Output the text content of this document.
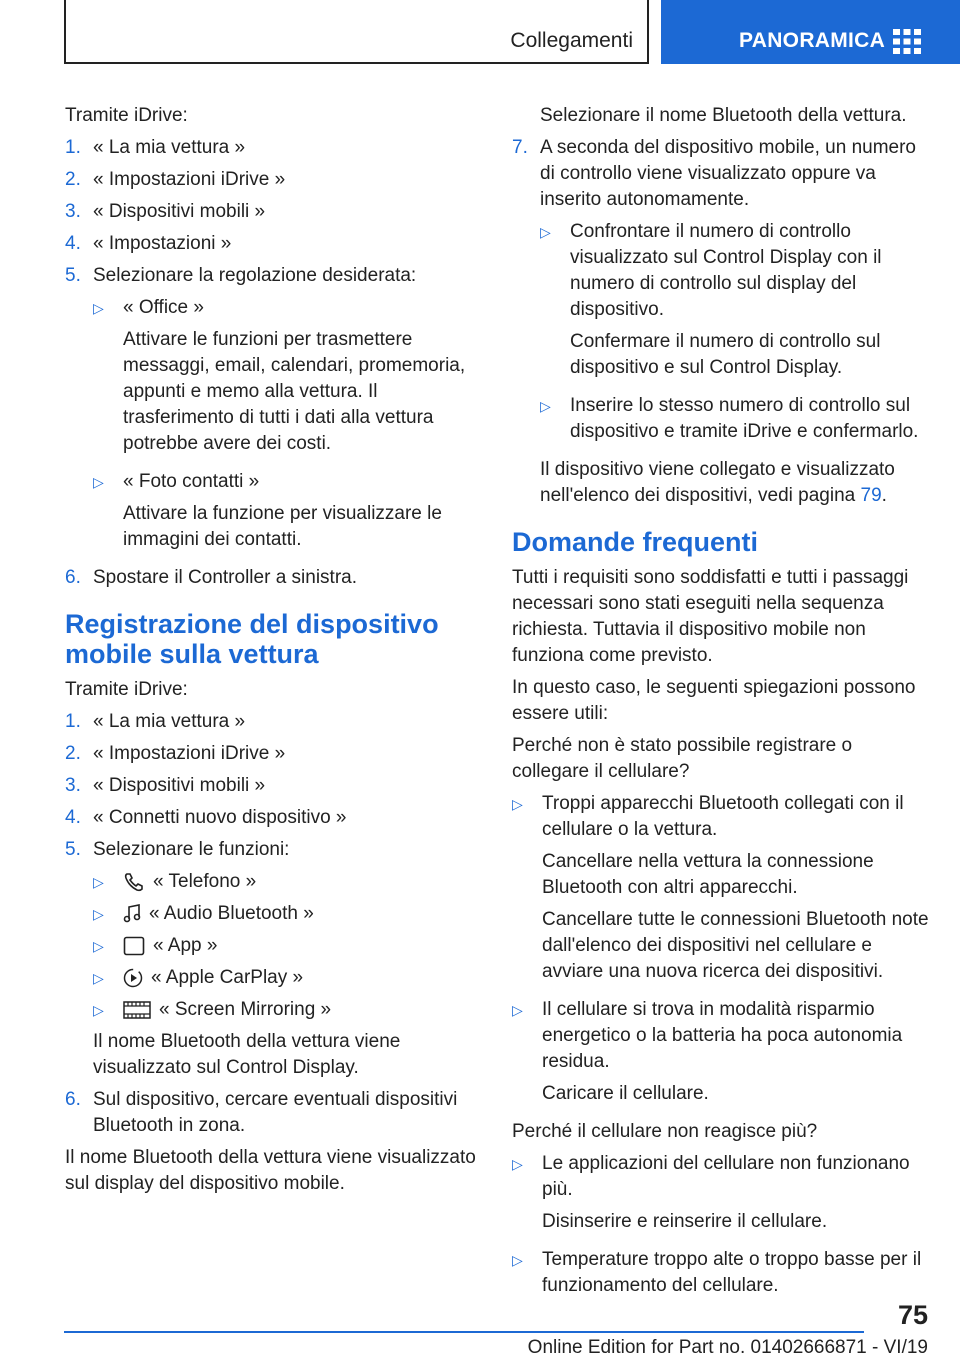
Collegamenti	PANORAMICA

Tramite iDrive:

1. « La mia vettura »
2. « Impostazioni iDrive »
3. « Dispositivi mobili »
4. « Impostazioni »
5. Selezionare la regolazione desiderata:
▷	« Office »

Attivare le funzioni per trasmettere messaggi, email, calendari, promemoria, appunti e memo alla vettura. Il trasferimento di tutti i dati alla vettura potrebbe avere dei costi.

▷	« Foto contatti »

Attivare la funzione per visualizzare le immagini dei contatti.

6. Spostare il Controller a sinistra.
Registrazione del dispositivo mobile sulla vettura

Tramite iDrive:

1. « La mia vettura »
2. « Impostazioni iDrive »
3. « Dispositivi mobili »
4. « Connetti nuovo dispositivo »
5. Selezionare le funzioni:
▷	« Telefono »
▷	« Audio Bluetooth »
▷	« App »
▷	« Apple CarPlay »
▷	« Screen Mirroring »

Il nome Bluetooth della vettura viene visualizzato sul Control Display.

6. Sul dispositivo, cercare eventuali dispositivi Bluetooth in zona.

Il nome Bluetooth della vettura viene visualizzato sul display del dispositivo mobile.

Selezionare il nome Bluetooth della vettura.

7. A seconda del dispositivo mobile, un numero di controllo viene visualizzato oppure va inserito autonomamente.
▷	Confrontare il numero di controllo visualizzato sul Control Display con il numero di controllo sul display del dispositivo.

Confermare il numero di controllo sul dispositivo e sul Control Display.

▷	Inserire lo stesso numero di controllo sul dispositivo e tramite iDrive e confermarlo.

Il dispositivo viene collegato e visualizzato nell'elenco dei dispositivi, vedi pagina 79.

Domande frequenti

Tutti i requisiti sono soddisfatti e tutti i passaggi necessari sono stati eseguiti nella sequenza richiesta. Tuttavia il dispositivo mobile non funziona come previsto.

In questo caso, le seguenti spiegazioni possono essere utili:

Perché non è stato possibile registrare o collegare il cellulare?

▷	Troppi apparecchi Bluetooth collegati con il cellulare o la vettura.

Cancellare nella vettura la connessione Bluetooth con altri apparecchi.

Cancellare tutte le connessioni Bluetooth note dall'elenco dei dispositivi nel cellulare e avviare una nuova ricerca dei dispositivi.

▷	Il cellulare si trova in modalità risparmio energetico o la batteria ha poca autonomia residua.

Caricare il cellulare.

Perché il cellulare non reagisce più?

▷	Le applicazioni del cellulare non funzionano più.

Disinserire e reinserire il cellulare.

▷	Temperature troppo alte o troppo basse per il funzionamento del cellulare.

75
Online Edition for Part no. 01402666871 - VI/19
